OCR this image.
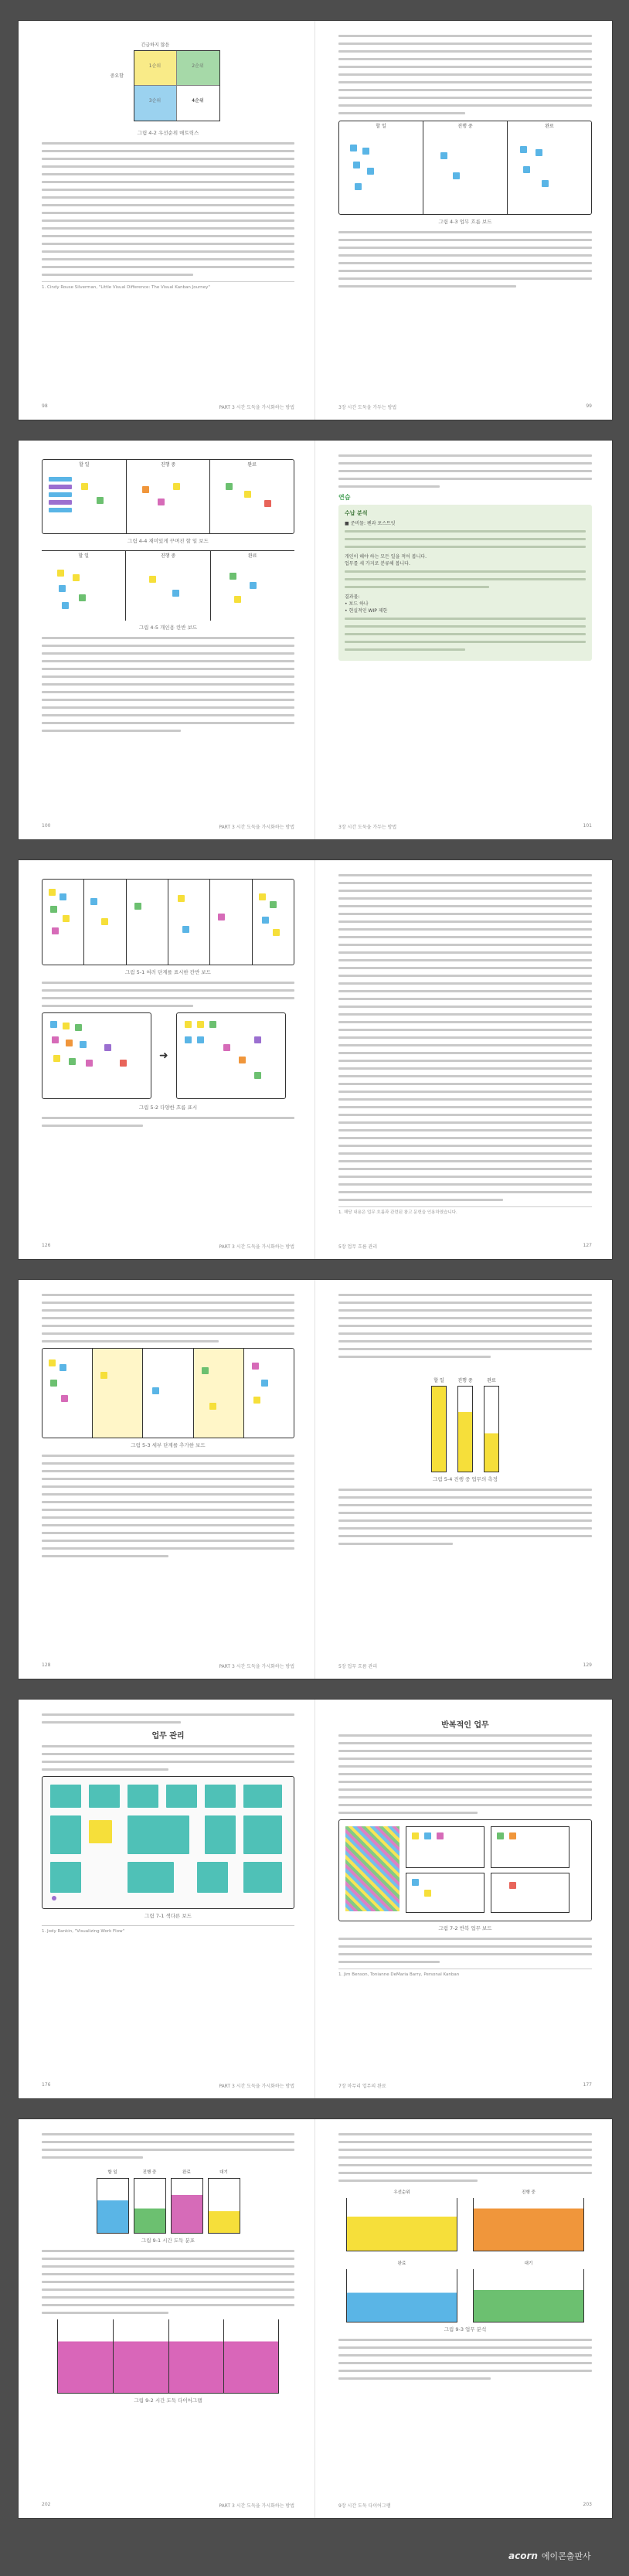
긴급하지 않음
중요함
1순위	2순위
3순위	4순위
그림 4-2 우선순위 매트릭스
1. Cindy Rouse Silverman, "Little Visual Difference: The Visual Kanban Journey"
98	PART 3 시간 도둑을 가시화하는 방법
할 일	진행 중	완료
그림 4-3 업무 흐름 보드
3장 시간 도둑을 가두는 방법	99
할 일	진행 중	완료
그림 4-4 재미있게 꾸며진 할 일 보드
할 일	진행 중	완료
그림 4-5 개인용 칸반 보드
100	PART 3 시간 도둑을 가시화하는 방법
연습
수납 분석
■ 준비물: 펜과 포스트잇
개인이 해야 하는 모든 일을 적어 봅니다.
업무를 세 가지로 분류해 봅니다.
결과물:
• 보드 하나
• 현실적인 WIP 제한
3장 시간 도둑을 가두는 방법	101
그림 5-1 여러 단계를 표시한 칸반 보드
➜
그림 5-2 다양한 흐름 표시
126	PART 3 시간 도둑을 가시화하는 방법
1. 해당 내용은 업무 흐름과 관련된 참고 문헌을 인용하였습니다.
5장 업무 흐름 관리	127
그림 5-3 세부 단계를 추가한 보드
128	PART 3 시간 도둑을 가시화하는 방법
할 일	진행 중	완료
그림 5-4 진행 중 업무의 측정
5장 업무 흐름 관리	129
업무 관리
그림 7-1 색다른 보드
1. Jody Rankin, "Visualizing Work Flow"
176	PART 3 시간 도둑을 가시화하는 방법
반복적인 업무
그림 7-2 반복 업무 보드
1. Jim Benson, Tonianne DeMaria Barry, Personal Kanban
7장 마무리 업무의 완료	177
할 일	진행 중	완료	대기
그림 9-1 시간 도둑 분포
그림 9-2 시간 도둑 다이어그램
202	PART 3 시간 도둑을 가시화하는 방법
우선순위	진행 중
완료	대기
그림 9-3 업무 분석
9장 시간 도둑 다이어그램	203
acorn 에이콘출판사
